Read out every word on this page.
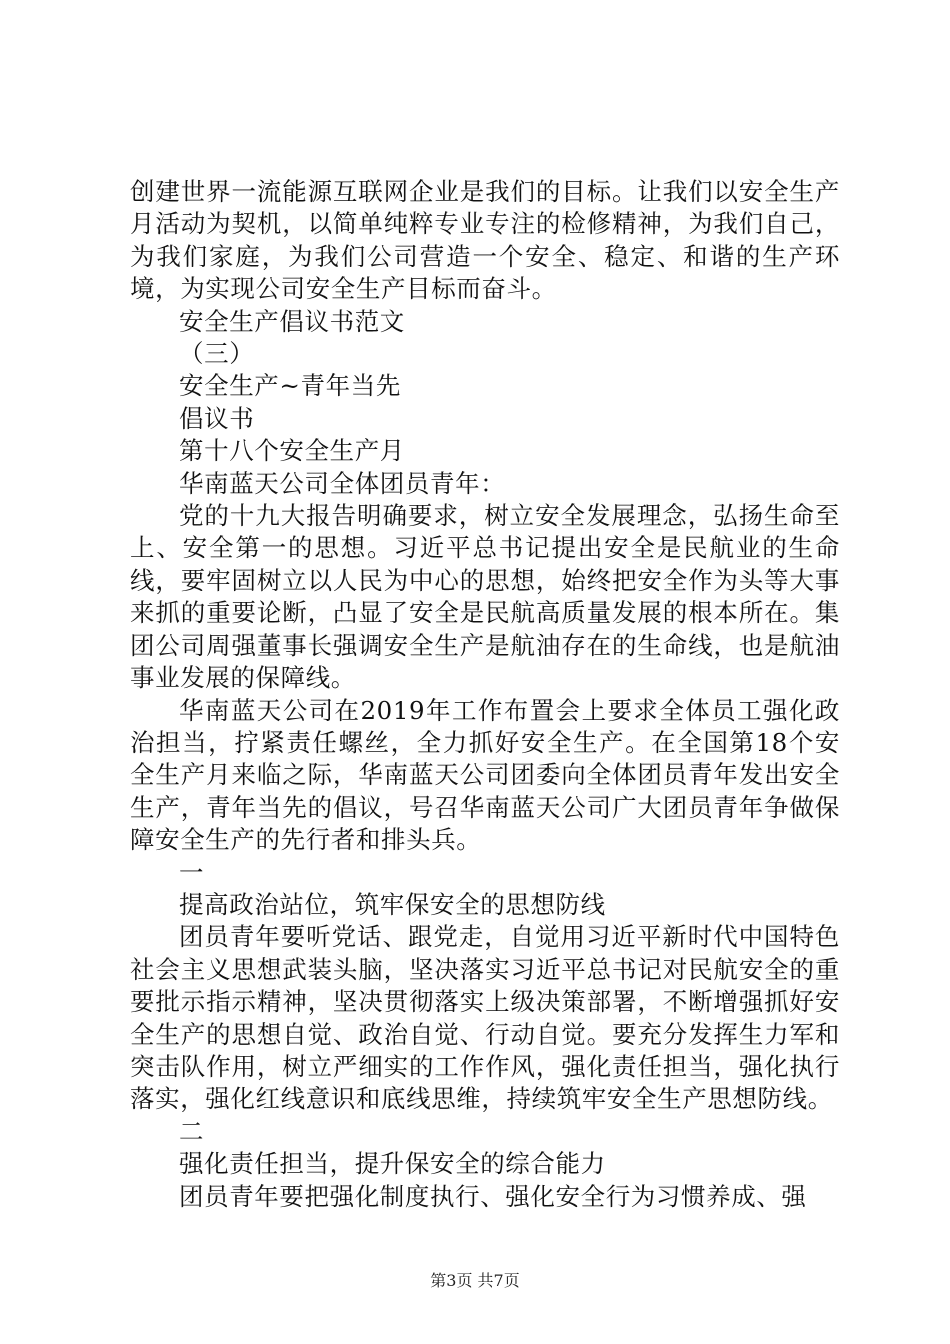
创建世界一流能源互联网企业是我们的目标。让我们以安全生产月活动为契机，以简单纯粹专业专注的检修精神，为我们自己，为我们家庭，为我们公司营造一个安全、稳定、和谐的生产环境，为实现公司安全生产目标而奋斗。

安全生产倡议书范文

（三）

安全生产~青年当先

倡议书

第十八个安全生产月

华南蓝天公司全体团员青年：

党的十九大报告明确要求，树立安全发展理念，弘扬生命至上、安全第一的思想。习近平总书记提出安全是民航业的生命线，要牢固树立以人民为中心的思想，始终把安全作为头等大事来抓的重要论断，凸显了安全是民航高质量发展的根本所在。集团公司周强董事长强调安全生产是航油存在的生命线，也是航油事业发展的保障线。

华南蓝天公司在2019年工作布置会上要求全体员工强化政治担当，拧紧责任螺丝，全力抓好安全生产。在全国第18个安全生产月来临之际，华南蓝天公司团委向全体团员青年发出安全生产，青年当先的倡议，号召华南蓝天公司广大团员青年争做保障安全生产的先行者和排头兵。

一

提高政治站位，筑牢保安全的思想防线

团员青年要听党话、跟党走，自觉用习近平新时代中国特色社会主义思想武装头脑，坚决落实习近平总书记对民航安全的重要批示指示精神，坚决贯彻落实上级决策部署，不断增强抓好安全生产的思想自觉、政治自觉、行动自觉。要充分发挥生力军和突击队作用，树立严细实的工作作风，强化责任担当，强化执行落实，强化红线意识和底线思维，持续筑牢安全生产思想防线。

二

强化责任担当，提升保安全的综合能力

团员青年要把强化制度执行、强化安全行为习惯养成、强

第3页 共7页
